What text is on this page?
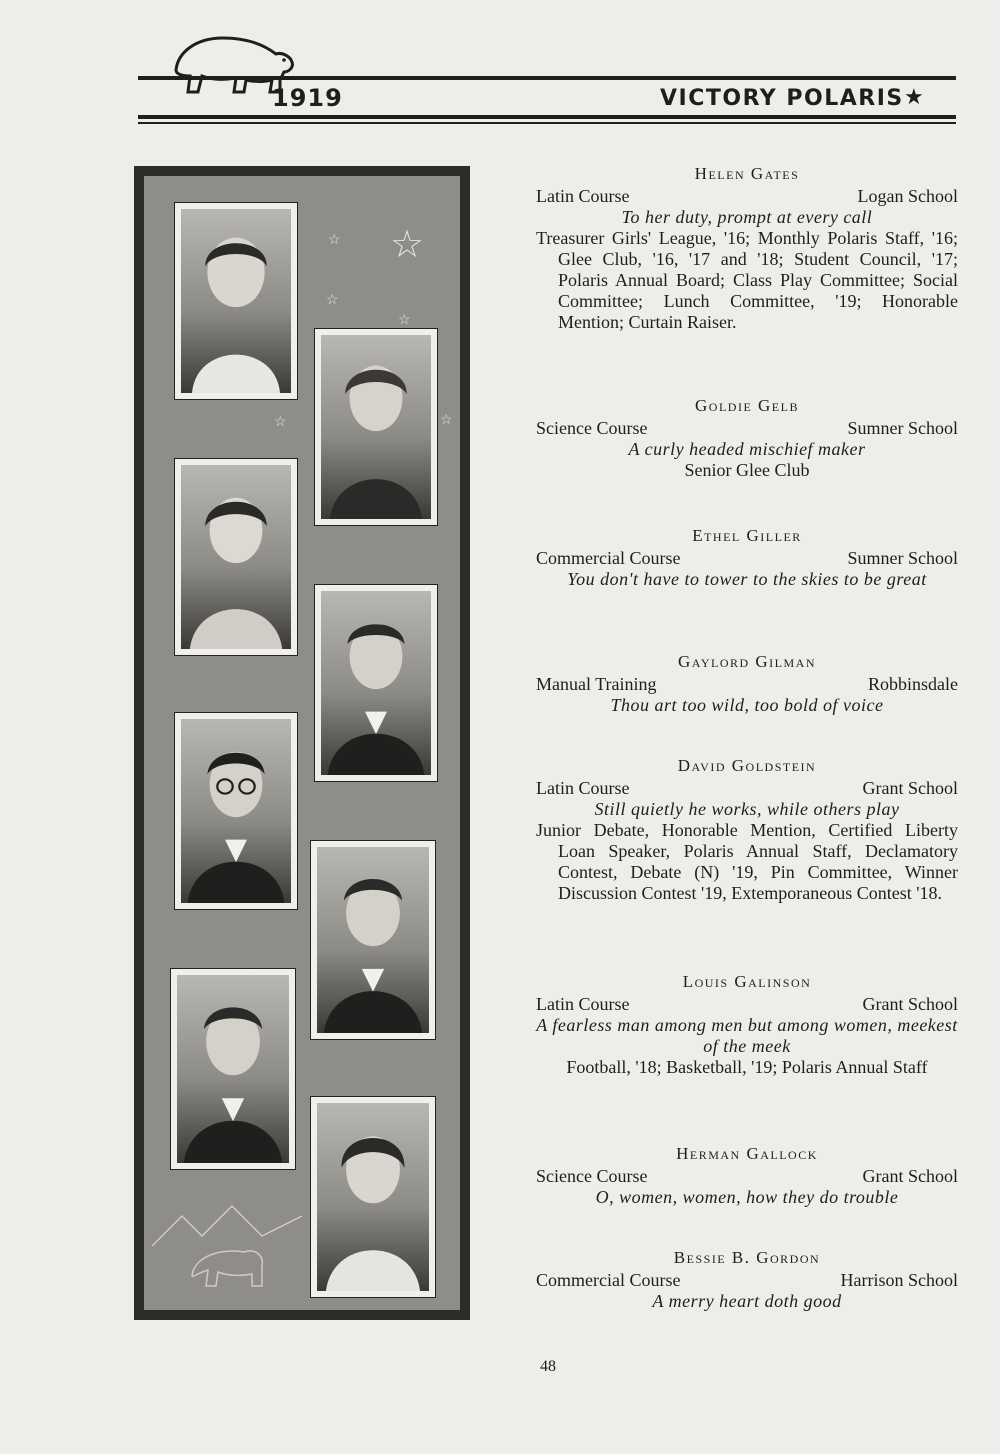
1919	VICTORY POLARIS ★
☆
☆
☆
☆
☆	☆
Helen Gates
Latin Course	Logan School
To her duty, prompt at every call
Treasurer Girls' League, '16; Monthly Polaris Staff, '16; Glee Club, '16, '17 and '18; Student Council, '17; Polaris Annual Board; Class Play Committee; Social Committee; Lunch Committee, '19; Honorable Mention; Curtain Raiser.
Goldie Gelb
Science Course	Sumner School
A curly headed mischief maker
Senior Glee Club
Ethel Giller
Commercial Course	Sumner School
You don't have to tower to the skies to be great
Gaylord Gilman
Manual Training	Robbinsdale
Thou art too wild, too bold of voice
David Goldstein
Latin Course	Grant School
Still quietly he works, while others play
Junior Debate, Honorable Mention, Certified Liberty Loan Speaker, Polaris Annual Staff, Declamatory Contest, Debate (N) '19, Pin Committee, Winner Discussion Contest '19, Extemporaneous Contest '18.
Louis Galinson
Latin Course	Grant School
A fearless man among men but among women, meekest of the meek
Football, '18; Basketball, '19; Polaris Annual Staff
Herman Gallock
Science Course	Grant School
O, women, women, how they do trouble
Bessie B. Gordon
Commercial Course	Harrison School
A merry heart doth good
48
